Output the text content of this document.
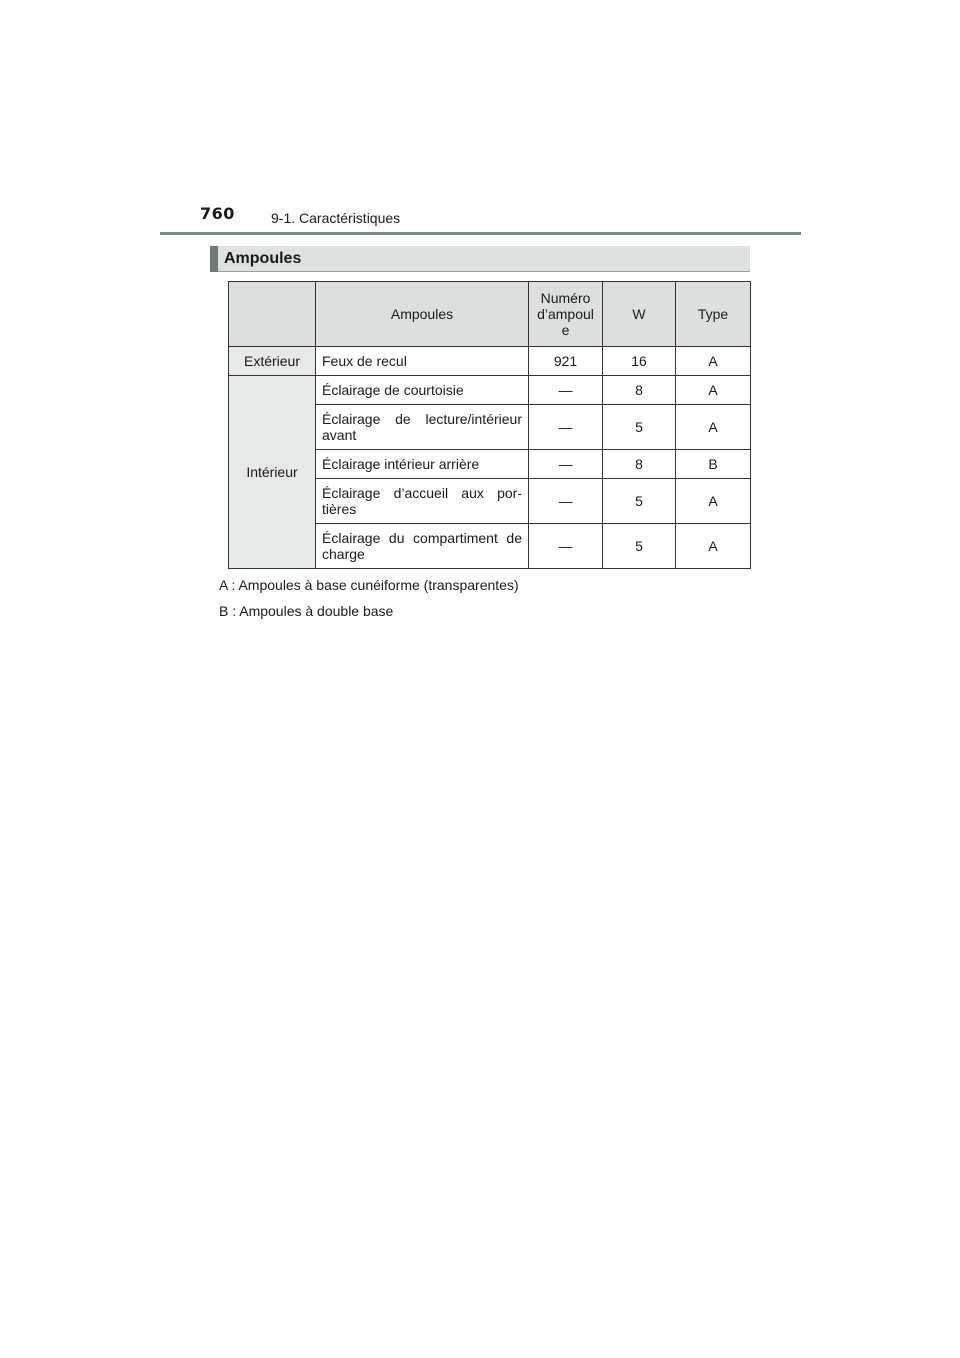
760	9-1. Caractéristiques
Ampoules
	Ampoules	Numéro d’ampoul e	W	Type
Extérieur	Feux de recul	921	16	A
Intérieur	Éclairage de courtoisie	—	8	A
	Éclairage de lecture/intérieur avant	—	5	A
	Éclairage intérieur arrière	—	8	B
	Éclairage d’accueil aux por- tières	—	5	A
	Éclairage du compartiment de charge	—	5	A
A : Ampoules à base cunéiforme (transparentes)
B : Ampoules à double base
